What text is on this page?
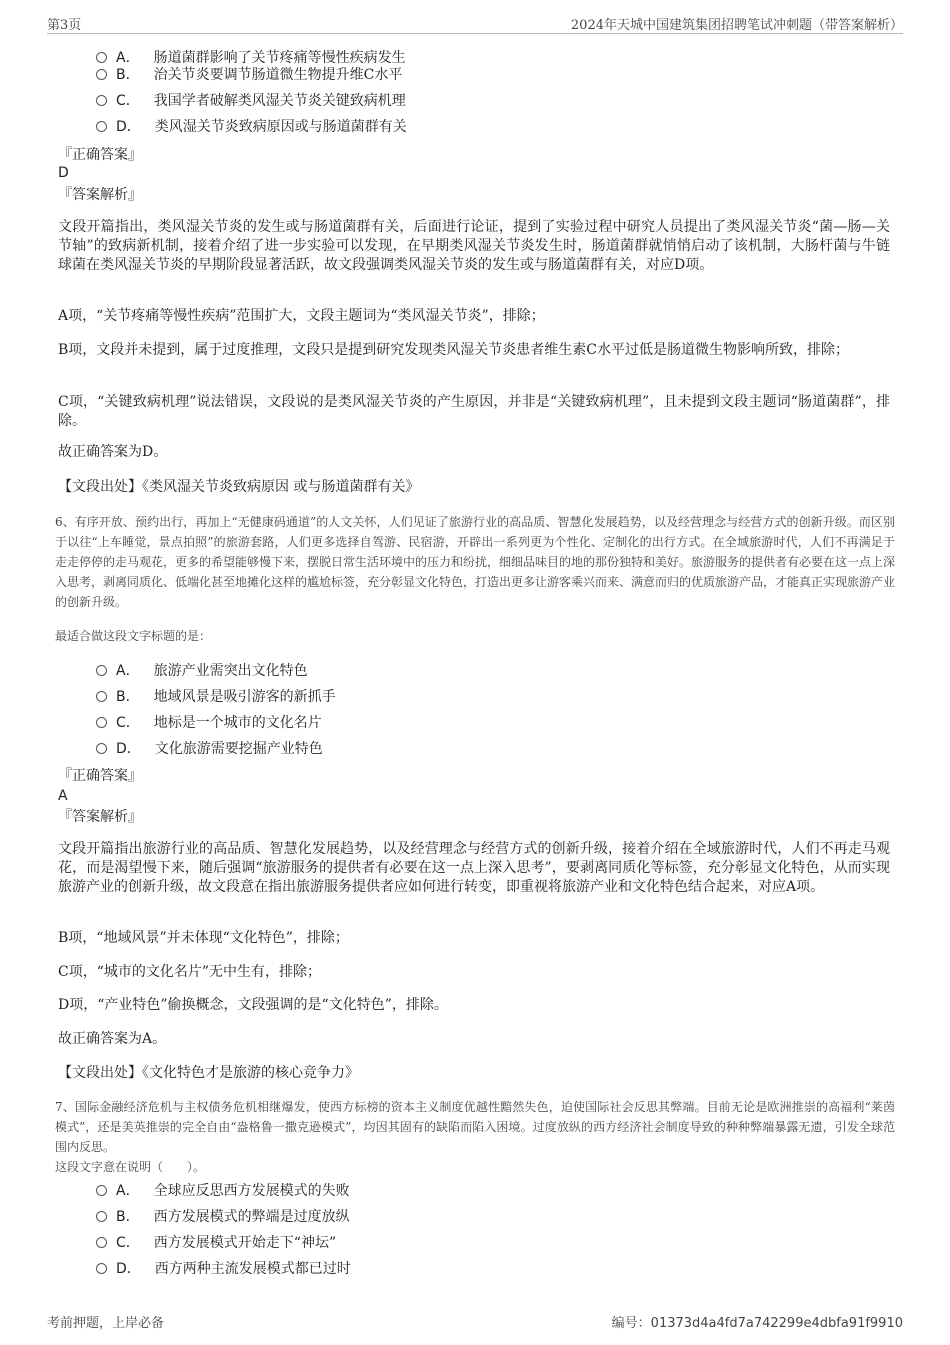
第3页	2024年天城中国建筑集团招聘笔试冲刺题（带答案解析）
A． 肠道菌群影响了关节疼痛等慢性疾病发生
B． 治关节炎要调节肠道微生物提升维C水平
C． 我国学者破解类风湿关节炎关键致病机理
D． 类风湿关节炎致病原因或与肠道菌群有关
『正确答案』
D
『答案解析』
文段开篇指出，类风湿关节炎的发生或与肠道菌群有关，后面进行论证，提到了实验过程中研究人员提出了类风湿关节炎“菌—肠—关节轴”的致病新机制，接着介绍了进一步实验可以发现，在早期类风湿关节炎发生时，肠道菌群就悄悄启动了该机制，大肠杆菌与牛链球菌在类风湿关节炎的早期阶段显著活跃，故文段强调类风湿关节炎的发生或与肠道菌群有关，对应D项。
A项，“关节疼痛等慢性疾病”范围扩大，文段主题词为“类风湿关节炎”，排除；
B项，文段并未提到，属于过度推理，文段只是提到研究发现类风湿关节炎患者维生素C水平过低是肠道微生物影响所致，排除；
C项，“关键致病机理”说法错误，文段说的是类风湿关节炎的产生原因，并非是“关键致病机理”，且未提到文段主题词“肠道菌群”，排除。
故正确答案为D。
【文段出处】《类风湿关节炎致病原因 或与肠道菌群有关》
6、有序开放、预约出行，再加上“无健康码通道”的人文关怀，人们见证了旅游行业的高品质、智慧化发展趋势，以及经营理念与经营方式的创新升级。而区别于以往“上车睡觉，景点拍照”的旅游套路，人们更多选择自驾游、民宿游，开辟出一系列更为个性化、定制化的出行方式。在全域旅游时代，人们不再满足于走走停停的走马观花，更多的希望能够慢下来，摆脱日常生活环境中的压力和纷扰，细细品味目的地的那份独特和美好。旅游服务的提供者有必要在这一点上深入思考，剥离同质化、低端化甚至地摊化这样的尴尬标签，充分彰显文化特色，打造出更多让游客乘兴而来、满意而归的优质旅游产品，才能真正实现旅游产业的创新升级。
最适合做这段文字标题的是：
A． 旅游产业需突出文化特色
B． 地域风景是吸引游客的新抓手
C． 地标是一个城市的文化名片
D． 文化旅游需要挖掘产业特色
『正确答案』
A
『答案解析』
文段开篇指出旅游行业的高品质、智慧化发展趋势，以及经营理念与经营方式的创新升级，接着介绍在全域旅游时代，人们不再走马观花，而是渴望慢下来，随后强调“旅游服务的提供者有必要在这一点上深入思考”，要剥离同质化等标签，充分彰显文化特色，从而实现旅游产业的创新升级，故文段意在指出旅游服务提供者应如何进行转变，即重视将旅游产业和文化特色结合起来，对应A项。
B项，“地域风景”并未体现“文化特色”，排除；
C项，“城市的文化名片”无中生有，排除；
D项，“产业特色”偷换概念，文段强调的是“文化特色”，排除。
故正确答案为A。
【文段出处】《文化特色才是旅游的核心竞争力》
7、国际金融经济危机与主权债务危机相继爆发，使西方标榜的资本主义制度优越性黯然失色，迫使国际社会反思其弊端。目前无论是欧洲推崇的高福利“莱茵模式”，还是美英推崇的完全自由“盎格鲁一撒克逊模式”，均因其固有的缺陷而陷入困境。过度放纵的西方经济社会制度导致的种种弊端暴露无遗，引发全球范围内反思。
这段文字意在说明（　　）。
A． 全球应反思西方发展模式的失败
B． 西方发展模式的弊端是过度放纵
C． 西方发展模式开始走下“神坛”
D． 西方两种主流发展模式都已过时
考前押题，上岸必备	编号：01373d4a4fd7a742299e4dbfa91f9910
